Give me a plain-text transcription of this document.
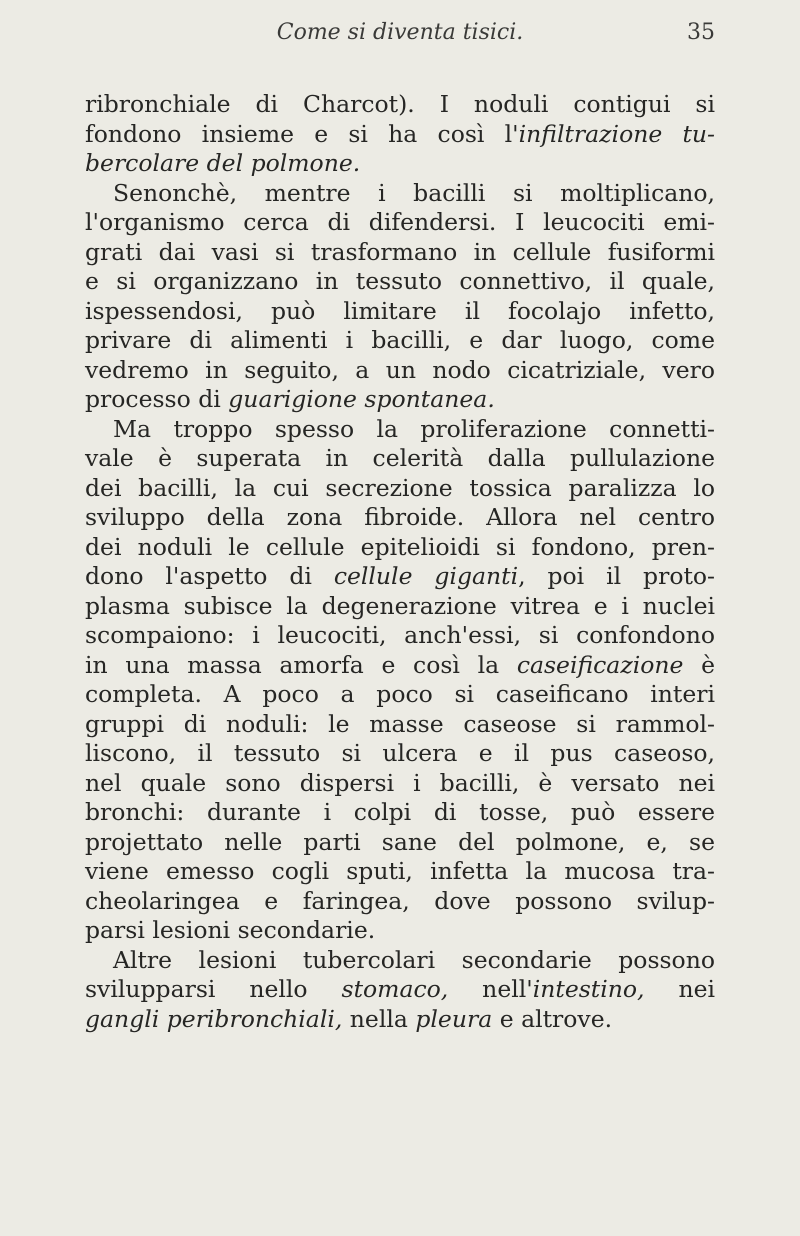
Come si diventa tisici.	35
ribronchiale di Charcot). I noduli contigui si
fondono insieme e si ha così l'infiltrazione tu-
bercolare del polmone.
Senonchè, mentre i bacilli si moltiplicano,
l'organismo cerca di difendersi. I leucociti emi-
grati dai vasi si trasformano in cellule fusiformi
e si organizzano in tessuto connettivo, il quale,
ispessendosi, può limitare il focolajo infetto,
privare di alimenti i bacilli, e dar luogo, come
vedremo in seguito, a un nodo cicatriziale, vero
processo di guarigione spontanea.
Ma troppo spesso la proliferazione connetti-
vale è superata in celerità dalla pullulazione
dei bacilli, la cui secrezione tossica paralizza lo
sviluppo della zona fibroide. Allora nel centro
dei noduli le cellule epitelioidi si fondono, pren-
dono l'aspetto di cellule giganti, poi il proto-
plasma subisce la degenerazione vitrea e i nuclei
scompaiono: i leucociti, anch'essi, si confondono
in una massa amorfa e così la caseificazione è
completa. A poco a poco si caseificano interi
gruppi di noduli: le masse caseose si rammol-
liscono, il tessuto si ulcera e il pus caseoso,
nel quale sono dispersi i bacilli, è versato nei
bronchi: durante i colpi di tosse, può essere
projettato nelle parti sane del polmone, e, se
viene emesso cogli sputi, infetta la mucosa tra-
cheolaringea e faringea, dove possono svilup-
parsi lesioni secondarie.
Altre lesioni tubercolari secondarie possono
svilupparsi nello stomaco, nell'intestino, nei
gangli peribronchiali, nella pleura e altrove.
